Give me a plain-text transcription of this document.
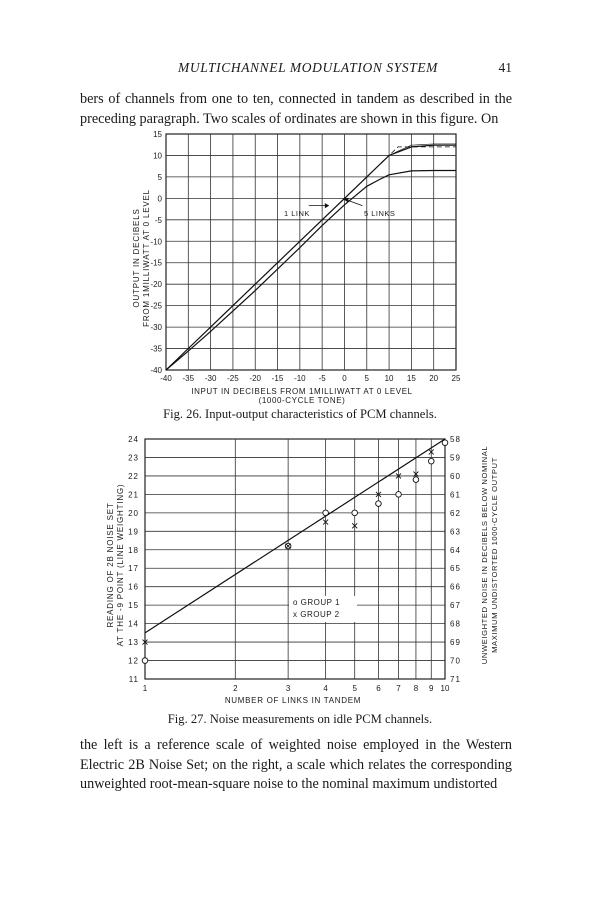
MULTICHANNEL MODULATION SYSTEM	41

bers of channels from one to ten, connected in tandem as described in the preceding paragraph. Two scales of ordinates are shown in this figure. On

-40 -35 -30 -25 -20 -15 -10 -5 0 5 10 15 20 25
15
10
5
0
-5
-10
-15
-20
-25
-30
-35
-40
INPUT IN DECIBELS FROM 1MILLIWATT AT 0 LEVEL
(1000-CYCLE TONE)
OUTPUT IN DECIBELS FROM 1MILLIWATT AT 0 LEVEL	1 LINK	5 LINKS
Fig. 26. Input-output characteristics of PCM channels.
1	2	3	4	5 6 7 8 9 10
24
23
22
21
20
19
18
17
16
15
14
13
12
11
58
59
60
61
62
63
64
65
66
67
68
69
70
71
NUMBER OF LINKS IN TANDEM
READING OF 2B NOISE SET AT THE -9 POINT (LINE WEIGHTING)	UNWEIGHTED NOISE IN DECIBELS BELOW NOMINAL MAXIMUM UNDISTORTED 1000-CYCLE OUTPUT
o GROUP 1
x GROUP 2
Fig. 27. Noise measurements on idle PCM channels.

the left is a reference scale of weighted noise employed in the Western Electric 2B Noise Set; on the right, a scale which relates the corresponding unweighted root-mean-square noise to the nominal maximum undistorted
